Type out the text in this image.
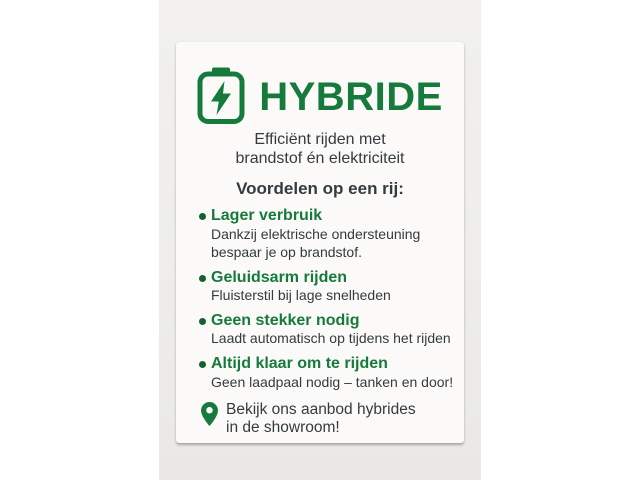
HYBRIDE
Efficiënt rijden met
brandstof én elektriciteit
Voordelen op een rij:
Lager verbruik
Dankzij elektrische ondersteuning
bespaar je op brandstof.
Geluidsarm rijden
Fluisterstil bij lage snelheden
Geen stekker nodig
Laadt automatisch op tijdens het rijden
Altijd klaar om te rijden
Geen laadpaal nodig – tanken en door!
Bekijk ons aanbod hybrides
in de showroom!
